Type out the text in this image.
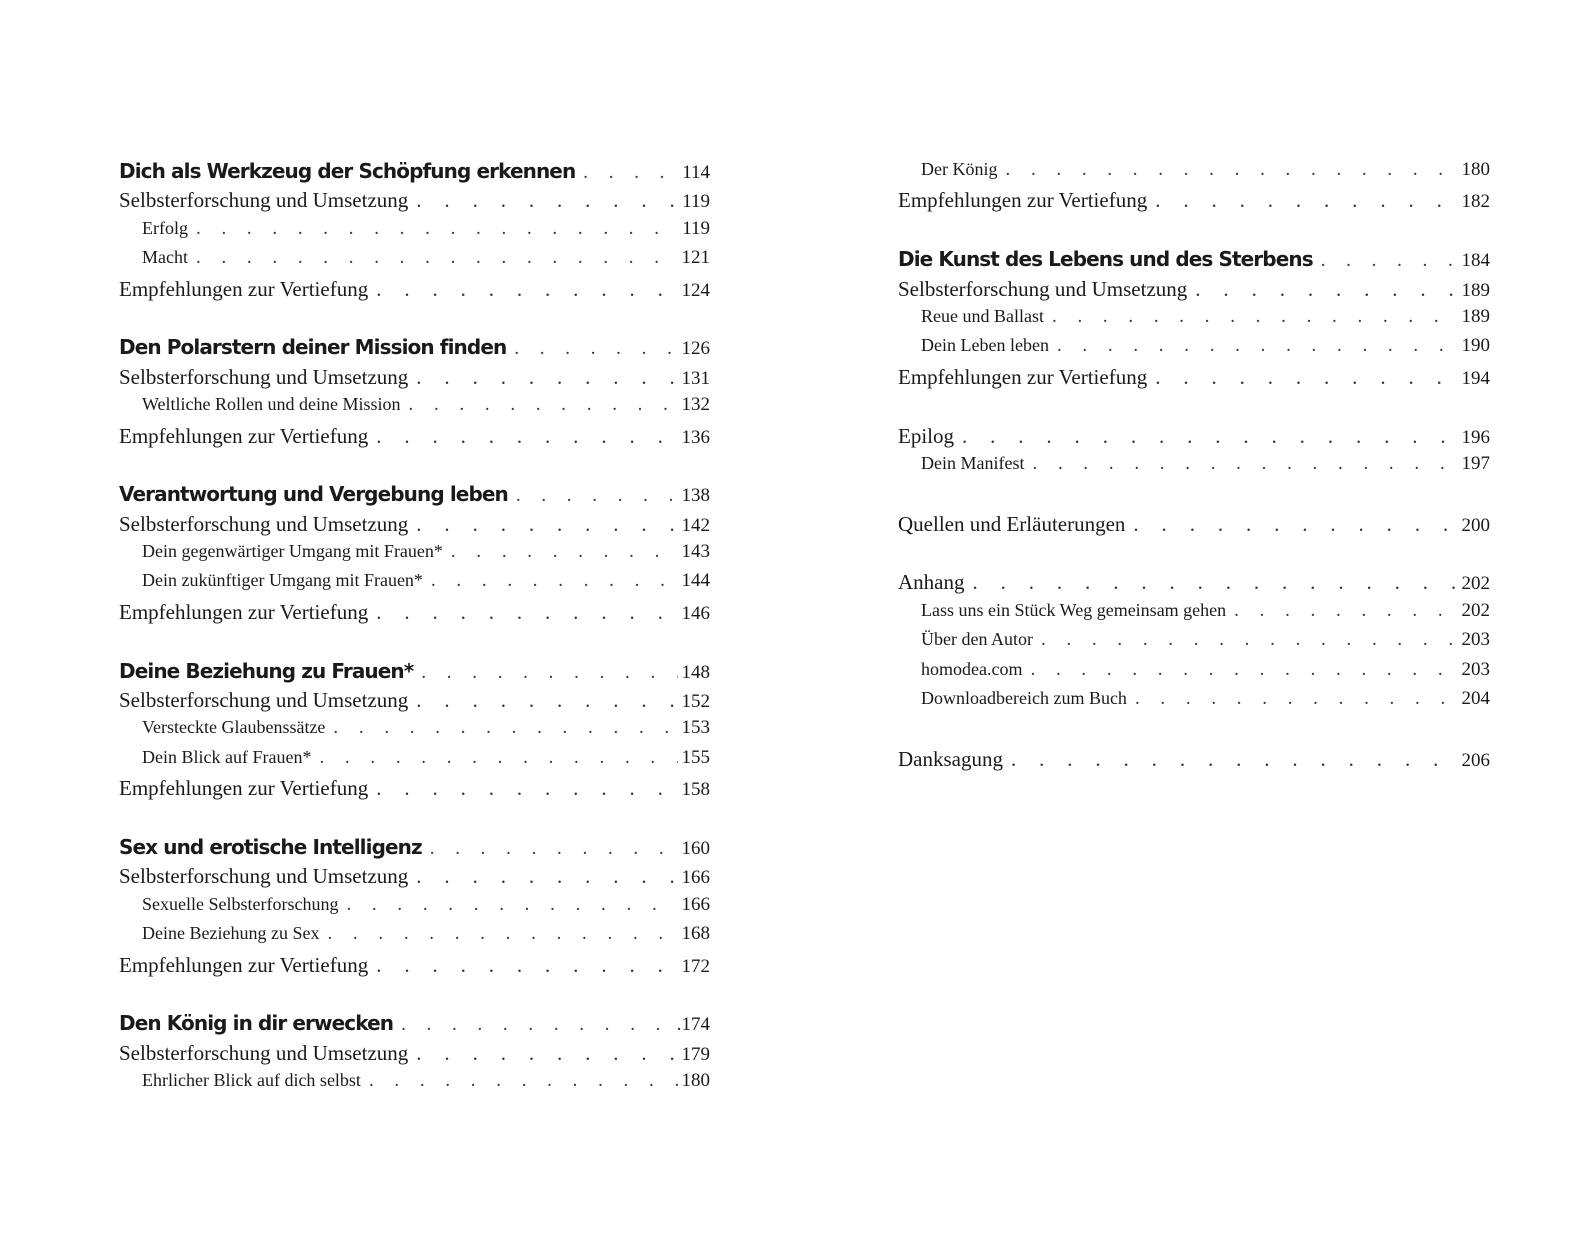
Dich als Werkzeug der Schöpfung erkennen . . .	114
Selbsterforschung und Umsetzung . . .	119
Erfolg . . .	119
Macht . . .	121
Empfehlungen zur Vertiefung . . .	124
Den Polarstern deiner Mission finden . . .	126
Selbsterforschung und Umsetzung . . .	131
Weltliche Rollen und deine Mission . . .	132
Empfehlungen zur Vertiefung . . .	136
Verantwortung und Vergebung leben . . .	138
Selbsterforschung und Umsetzung . . .	142
Dein gegenwärtiger Umgang mit Frauen* . . .	143
Dein zukünftiger Umgang mit Frauen* . . .	144
Empfehlungen zur Vertiefung . . .	146
Deine Beziehung zu Frauen* . . .	148
Selbsterforschung und Umsetzung . . .	152
Versteckte Glaubenssätze . . .	153
Dein Blick auf Frauen* . . .	155
Empfehlungen zur Vertiefung . . .	158
Sex und erotische Intelligenz . . .	160
Selbsterforschung und Umsetzung . . .	166
Sexuelle Selbsterforschung . . .	166
Deine Beziehung zu Sex . . .	168
Empfehlungen zur Vertiefung . . .	172
Den König in dir erwecken . . .	.174
Selbsterforschung und Umsetzung . . .	179
Ehrlicher Blick auf dich selbst . . .	180
Der König . . .	180
Empfehlungen zur Vertiefung . . .	182
Die Kunst des Lebens und des Sterbens . . .	184
Selbsterforschung und Umsetzung . . .	189
Reue und Ballast . . .	189
Dein Leben leben . . .	190
Empfehlungen zur Vertiefung . . .	194
Epilog . . .	196
Dein Manifest . . .	197
Quellen und Erläuterungen . . .	200
Anhang . . .	202
Lass uns ein Stück Weg gemeinsam gehen . . .	202
Über den Autor . . .	203
homodea.com . . .	203
Downloadbereich zum Buch . . .	204
Danksagung . . .	206
